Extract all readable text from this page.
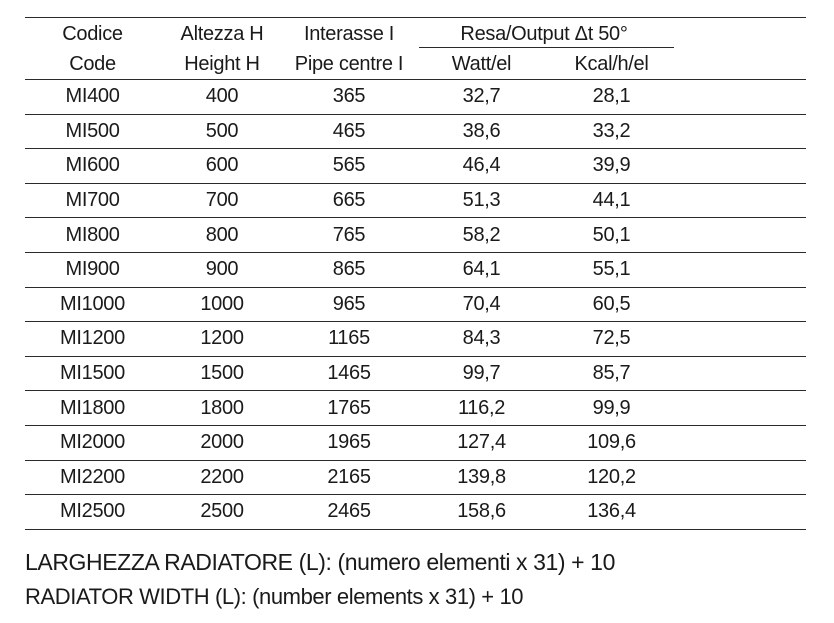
Codice	Altezza H	Interasse I	Resa/Output Δt 50°	

Code	Height H	Pipe centre I	Watt/el	Kcal/h/el	
MI400	400	365	32,7	28,1	
MI500	500	465	38,6	33,2	
MI600	600	565	46,4	39,9	
MI700	700	665	51,3	44,1	
MI800	800	765	58,2	50,1	
MI900	900	865	64,1	55,1	
MI1000	1000	965	70,4	60,5	
MI1200	1200	1165	84,3	72,5	
MI1500	1500	1465	99,7	85,7	
MI1800	1800	1765	116,2	99,9	
MI2000	2000	1965	127,4	109,6	
MI2200	2200	2165	139,8	120,2	
MI2500	2500	2465	158,6	136,4	
LARGHEZZA RADIATORE (L): (numero elementi x 31) + 10
RADIATOR WIDTH (L): (number elements x 31) + 10
